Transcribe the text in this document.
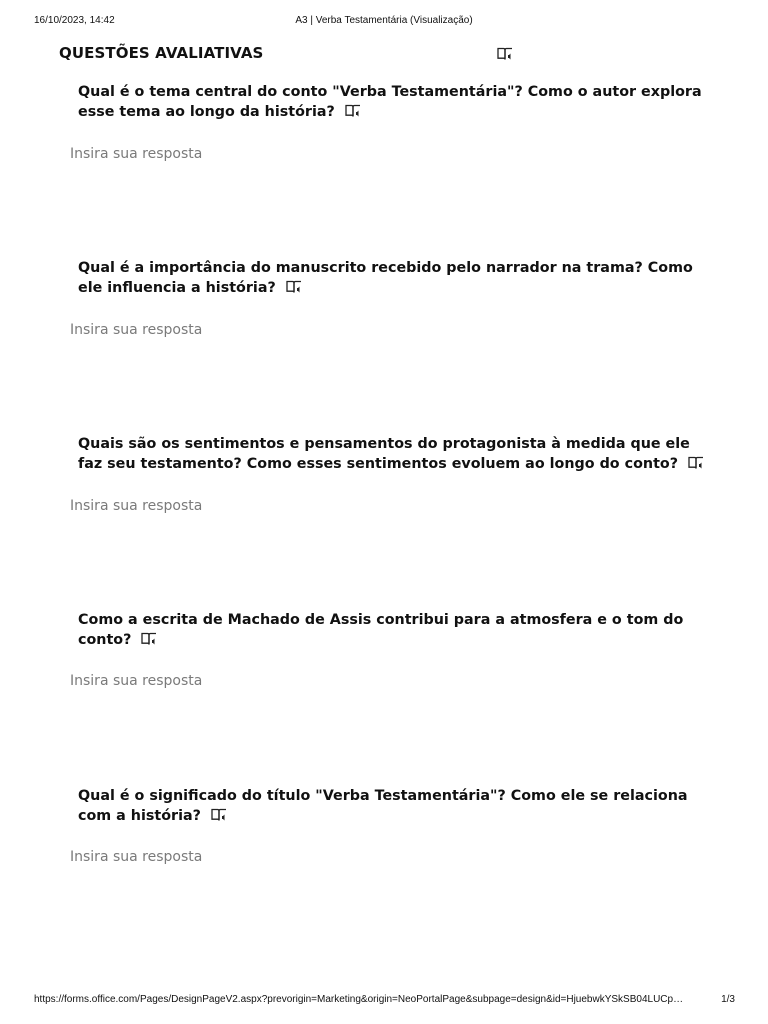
16/10/2023, 14:42	A3 | Verba Testamentária (Visualização)
QUESTÕES AVALIATIVAS
Qual é o tema central do conto "Verba Testamentária"? Como o autor explora esse tema ao longo da história?
Insira sua resposta
Qual é a importância do manuscrito recebido pelo narrador na trama? Como ele influencia a história?
Insira sua resposta
Quais são os sentimentos e pensamentos do protagonista à medida que ele faz seu testamento? Como esses sentimentos evoluem ao longo do conto?
Insira sua resposta
Como a escrita de Machado de Assis contribui para a atmosfera e o tom do conto?
Insira sua resposta
Qual é o significado do título "Verba Testamentária"? Como ele se relaciona com a história?
Insira sua resposta
https://forms.office.com/Pages/DesignPageV2.aspx?prevorigin=Marketing&origin=NeoPortalPage&subpage=design&id=HjuebwkYSkSB04LUCp…	1/3
